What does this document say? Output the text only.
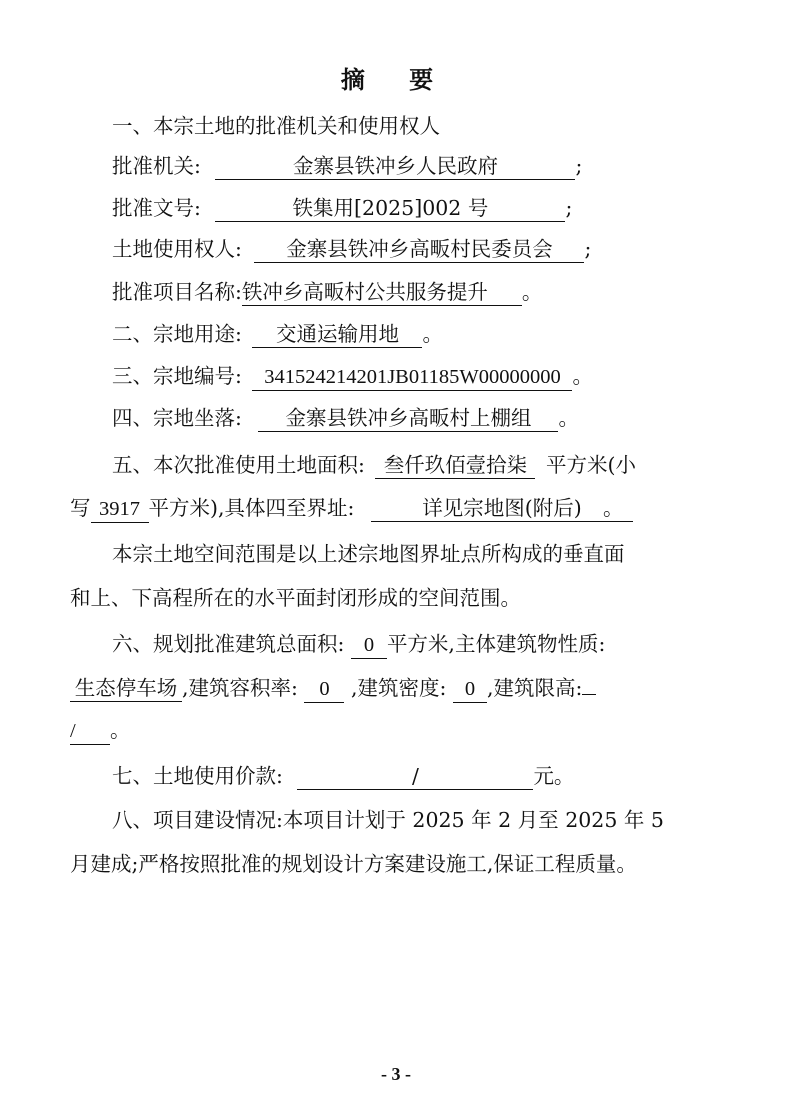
摘 要
一、本宗土地的批准机关和使用权人
批准机关:	金寨县铁冲乡人民政府	;
批准文号:	铁集用[2025]002 号	;
土地使用权人: 金寨县铁冲乡高畈村民委员会 ;
批准项目名称:铁冲乡高畈村公共服务提升 。
二、宗地用途: 交通运输用地 。
三、宗地编号: 341524214201JB01185W00000000 。
四、宗地坐落: 金寨县铁冲乡高畈村上棚组 。
五、本次批准使用土地面积: 叁仟玖佰壹拾柒 平方米(小
写 3917 平方米),具体四至界址:	详见宗地图(附后) 。
本宗土地空间范围是以上述宗地图界址点所构成的垂直面
和上、下高程所在的水平面封闭形成的空间范围。
六、规划批准建筑总面积: 0 平方米,主体建筑物性质:
生态停车场 ,建筑容积率: 0 ,建筑密度: 0 ,建筑限高:
/ 。
七、土地使用价款:	/	元。
八、项目建设情况:本项目计划于 2025 年 2 月至 2025 年 5
月建成;严格按照批准的规划设计方案建设施工,保证工程质量。
- 3 -
